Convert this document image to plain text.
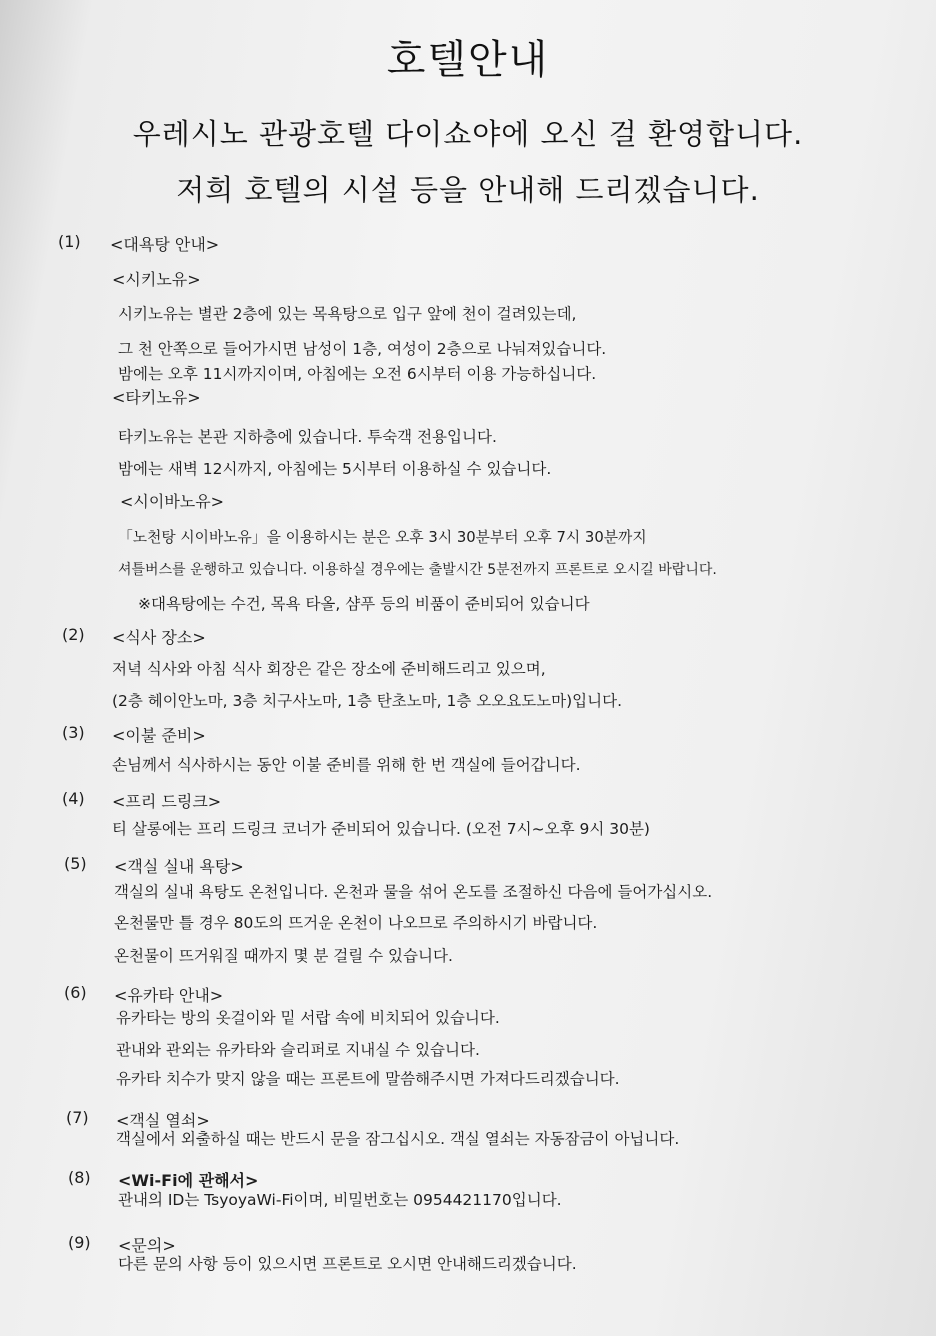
호텔안내
우레시노 관광호텔 다이쇼야에 오신 걸 환영합니다.
저희 호텔의 시설 등을 안내해 드리겠습니다.
(1) <대욕탕 안내>
<시키노유>
시키노유는 별관 2층에 있는 목욕탕으로 입구 앞에 천이 걸려있는데,
그 천 안쪽으로 들어가시면 남성이 1층, 여성이 2층으로 나눠져있습니다.
밤에는 오후 11시까지이며, 아침에는 오전 6시부터 이용 가능하십니다.
<타키노유>
타키노유는 본관 지하층에 있습니다. 투숙객 전용입니다.
밤에는 새벽 12시까지, 아침에는 5시부터 이용하실 수 있습니다.
<시이바노유>
「노천탕 시이바노유」을 이용하시는 분은 오후 3시 30분부터 오후 7시 30분까지
셔틀버스를 운행하고 있습니다. 이용하실 경우에는 출발시간 5분전까지 프론트로 오시길 바랍니다.
※대욕탕에는 수건, 목욕 타올, 샴푸 등의 비품이 준비되어 있습니다
(2) <식사 장소>
저녁 식사와 아침 식사 회장은 같은 장소에 준비해드리고 있으며,
(2층 헤이안노마, 3층 치구사노마, 1층 탄초노마, 1층 오오요도노마)입니다.
(3) <이불 준비>
손님께서 식사하시는 동안 이불 준비를 위해 한 번 객실에 들어갑니다.
(4) <프리 드링크>
티 살롱에는 프리 드링크 코너가 준비되어 있습니다. (오전 7시~오후 9시 30분)
(5) <객실 실내 욕탕>
객실의 실내 욕탕도 온천입니다. 온천과 물을 섞어 온도를 조절하신 다음에 들어가십시오.
온천물만 틀 경우 80도의 뜨거운 온천이 나오므로 주의하시기 바랍니다.
온천물이 뜨거워질 때까지 몇 분 걸릴 수 있습니다.
(6) <유카타 안내>
유카타는 방의 옷걸이와 밑 서랍 속에 비치되어 있습니다.
관내와 관외는 유카타와 슬리퍼로 지내실 수 있습니다.
유카타 치수가 맞지 않을 때는 프론트에 말씀해주시면 가져다드리겠습니다.
(7) <객실 열쇠>
객실에서 외출하실 때는 반드시 문을 잠그십시오. 객실 열쇠는 자동잠금이 아닙니다.
(8) <Wi-Fi에 관해서>
관내의 ID는 TsyoyaWi-Fi이며, 비밀번호는 0954421170입니다.
(9) <문의>
다른 문의 사항 등이 있으시면 프론트로 오시면 안내해드리겠습니다.
